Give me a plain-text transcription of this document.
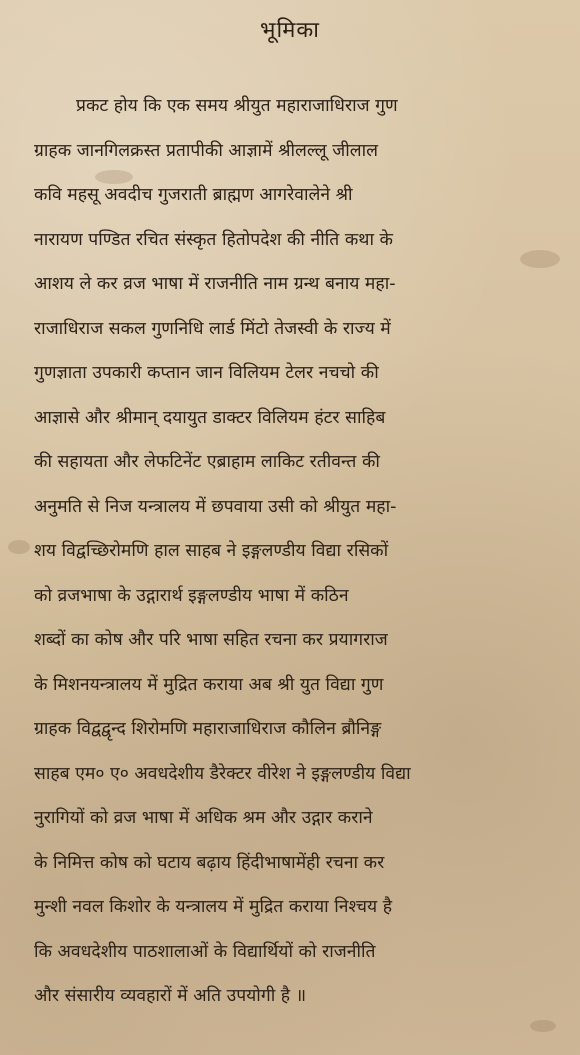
भूमिका
प्रकट होय कि एक समय श्रीयुत महाराजाधिराज गुण
ग्राहक जानगिलक्रस्त प्रतापीकी आज्ञामें श्रीलल्लू जीलाल
कवि महसू अवदीच गुजराती ब्राह्मण आगरेवालेने श्री
नारायण पण्डित रचित संस्कृत हितोपदेश की नीति कथा के
आशय ले कर व्रज भाषा में राजनीति नाम ग्रन्थ बनाय महा-
राजाधिराज सकल गुणनिधि लार्ड मिंटो तेजस्वी के राज्य में
गुणज्ञाता उपकारी कप्तान जान विलियम टेलर नचचो की
आज्ञासे और श्रीमान् दयायुत डाक्टर विलियम हंटर साहिब
की सहायता और लेफटिनेंट एब्राहाम लाकिट रतीवन्त की
अनुमति से निज यन्त्रालय में छपवाया उसी को श्रीयुत महा-
शय विद्वच्छिरोमणि हाल साहब ने इङ्गलण्डीय विद्या रसिकों
को व्रजभाषा के उद्गारार्थ इङ्गलण्डीय भाषा में कठिन
शब्दों का कोष और परि भाषा सहित रचना कर प्रयागराज
के मिशनयन्त्रालय में मुद्रित कराया अब श्री युत विद्या गुण
ग्राहक विद्वद्वृन्द शिरोमणि महाराजाधिराज कौलिन ब्रौनिङ्ग
साहब एम० ए० अवधदेशीय डैरेक्टर वीरेश ने इङ्गलण्डीय विद्या
नुरागियों को व्रज भाषा में अधिक श्रम और उद्गार कराने
के निमित्त कोष को घटाय बढ़ाय हिंदीभाषामेंही रचना कर
मुन्शी नवल किशोर के यन्त्रालय में मुद्रित कराया निश्चय है
कि अवधदेशीय पाठशालाओं के विद्यार्थियों को राजनीति
और संसारीय व्यवहारों में अति उपयोगी है ॥
